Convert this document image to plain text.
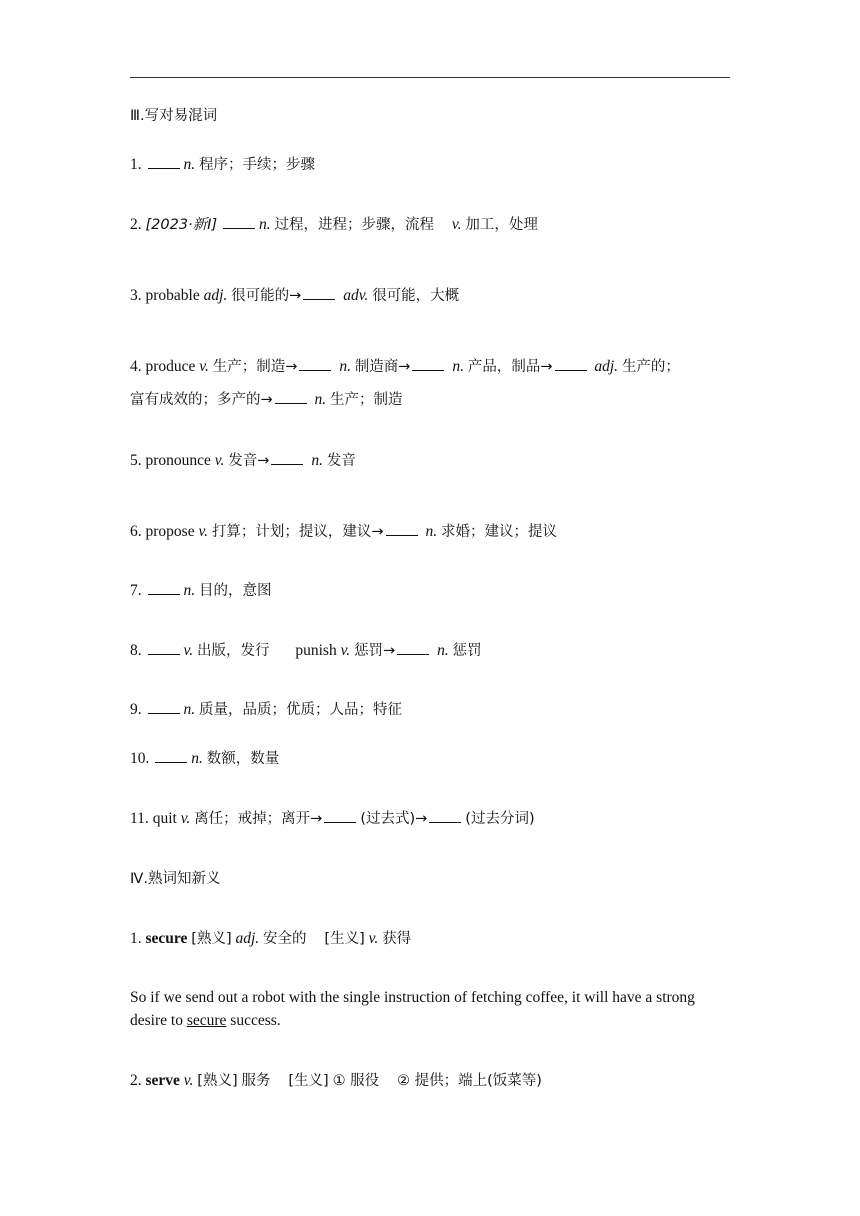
Ⅲ.写对易混词
1.	n. 程序；手续；步骤
2. [2023·新Ⅰ]	n. 过程，进程；步骤，流程 v. 加工，处理
3. probable adj. 很可能的→	adv. 很可能，大概
4. produce v. 生产；制造→	n. 制造商→	n. 产品，制品→	adj. 生产的；
富有成效的；多产的→	n. 生产；制造
5. pronounce v. 发音→	n. 发音
6. propose v. 打算；计划；提议，建议→	n. 求婚；建议；提议
7.	n. 目的，意图
8.	v. 出版，发行 punish v. 惩罚→	n. 惩罚
9.	n. 质量，品质；优质；人品；特征
10.	n. 数额，数量
11. quit v. 离任；戒掉；离开→	(过去式)→	(过去分词)
Ⅳ.熟词知新义
1. secure [熟义] adj. 安全的 [生义] v. 获得
So if we send out a robot with the single instruction of fetching coffee, it will have a strong desire to secure success.
2. serve v. [熟义] 服务 [生义] ① 服役 ② 提供；端上(饭菜等)
